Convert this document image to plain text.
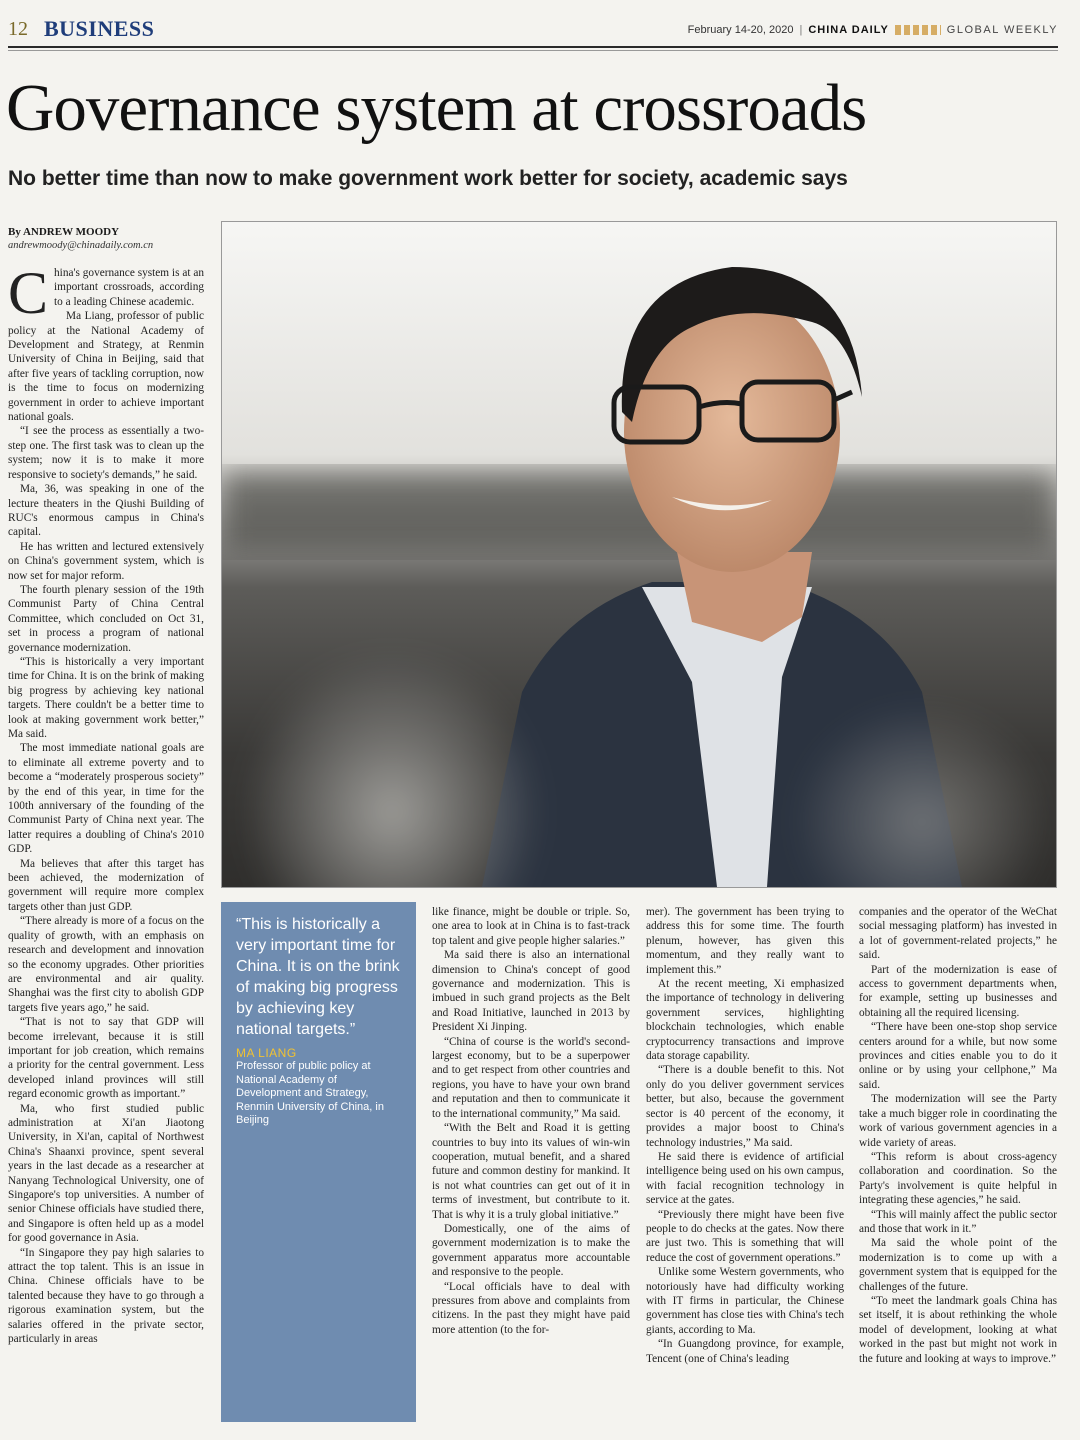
12 BUSINESS	February 14-20, 2020 | CHINA DAILY	GLOBAL WEEKLY
Governance system at crossroads
No better time than now to make government work better for society, academic says
By ANDREW MOODY
andrewmoody@chinadaily.com.cn
C hina's governance system is at an important crossroads, according to a leading Chinese academic.

Ma Liang, professor of public policy at the National Academy of Development and Strategy, at Renmin University of China in Beijing, said that after five years of tackling corruption, now is the time to focus on modernizing government in order to achieve important national goals.

“I see the process as essentially a two-step one. The first task was to clean up the system; now it is to make it more responsive to society's demands,” he said.

Ma, 36, was speaking in one of the lecture theaters in the Qiushi Building of RUC's enormous campus in China's capital.

He has written and lectured extensively on China's government system, which is now set for major reform.

The fourth plenary session of the 19th Communist Party of China Central Committee, which concluded on Oct 31, set in process a program of national governance modernization.

“This is historically a very important time for China. It is on the brink of making big progress by achieving key national targets. There couldn't be a better time to look at making government work better,” Ma said.

The most immediate national goals are to eliminate all extreme poverty and to become a “moderately prosperous society” by the end of this year, in time for the 100th anniversary of the founding of the Communist Party of China next year. The latter requires a doubling of China's 2010 GDP.

Ma believes that after this target has been achieved, the modernization of government will require more complex targets other than just GDP.

“There already is more of a focus on the quality of growth, with an emphasis on research and development and innovation so the economy upgrades. Other priorities are environmental and air quality. Shanghai was the first city to abolish GDP targets five years ago,” he said.

“That is not to say that GDP will become irrelevant, because it is still important for job creation, which remains a priority for the central government. Less developed inland provinces will still regard economic growth as important.”

Ma, who first studied public administration at Xi'an Jiaotong University, in Xi'an, capital of Northwest China's Shaanxi province, spent several years in the last decade as a researcher at Nanyang Technological University, one of Singapore's top universities. A number of senior Chinese officials have studied there, and Singapore is often held up as a model for good governance in Asia.

“In Singapore they pay high salaries to attract the top talent. This is an issue in China. Chinese officials have to be talented because they have to go through a rigorous examination system, but the salaries offered in the private sector, particularly in areas

“This is historically a very important time for China. It is on the brink of making big progress by achieving key national targets.”
MA LIANG
Professor of public policy at National Academy of Development and Strategy, Renmin University of China, in Beijing

like finance, might be double or triple. So, one area to look at in China is to fast-track top talent and give people higher salaries.”

Ma said there is also an international dimension to China's concept of good governance and modernization. This is imbued in such grand projects as the Belt and Road Initiative, launched in 2013 by President Xi Jinping.

“China of course is the world's second-largest economy, but to be a superpower and to get respect from other countries and regions, you have to have your own brand and reputation and then to communicate it to the international community,” Ma said.

“With the Belt and Road it is getting countries to buy into its values of win-win cooperation, mutual benefit, and a shared future and common destiny for mankind. It is not what countries can get out of it in terms of investment, but contribute to it. That is why it is a truly global initiative.”

Domestically, one of the aims of government modernization is to make the government apparatus more accountable and responsive to the people.

“Local officials have to deal with pressures from above and complaints from citizens. In the past they might have paid more attention (to the for-

mer). The government has been trying to address this for some time. The fourth plenum, however, has given this momentum, and they really want to implement this.”

At the recent meeting, Xi emphasized the importance of technology in delivering government services, highlighting blockchain technologies, which enable cryptocurrency transactions and improve data storage capability.

“There is a double benefit to this. Not only do you deliver government services better, but also, because the government sector is 40 percent of the economy, it provides a major boost to China's technology industries,” Ma said.

He said there is evidence of artificial intelligence being used on his own campus, with facial recognition technology in service at the gates.

“Previously there might have been five people to do checks at the gates. Now there are just two. This is something that will reduce the cost of government operations.”

Unlike some Western governments, who notoriously have had difficulty working with IT firms in particular, the Chinese government has close ties with China's tech giants, according to Ma.

“In Guangdong province, for example, Tencent (one of China's leading

companies and the operator of the WeChat social messaging platform) has invested in a lot of government-related projects,” he said.

Part of the modernization is ease of access to government departments when, for example, setting up businesses and obtaining all the required licensing.

“There have been one-stop shop service centers around for a while, but now some provinces and cities enable you to do it online or by using your cellphone,” Ma said.

The modernization will see the Party take a much bigger role in coordinating the work of various government agencies in a wide variety of areas.

“This reform is about cross-agency collaboration and coordination. So the Party's involvement is quite helpful in integrating these agencies,” he said.

“This will mainly affect the public sector and those that work in it.”

Ma said the whole point of the modernization is to come up with a government system that is equipped for the challenges of the future.

“To meet the landmark goals China has set itself, it is about rethinking the whole model of development, looking at what worked in the past but might not work in the future and looking at ways to improve.”
